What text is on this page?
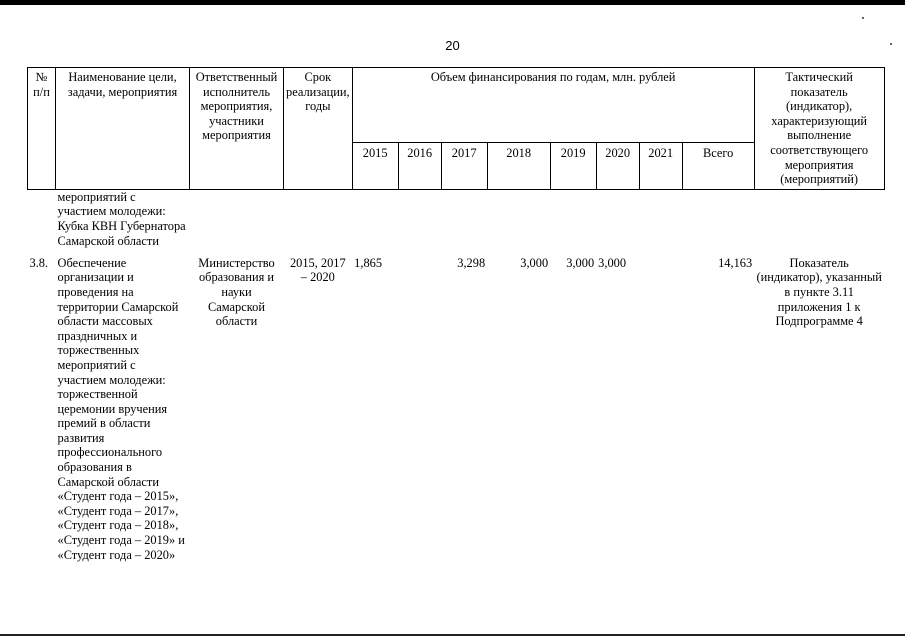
20
№ п/п	Наименование цели, задачи, мероприятия	Ответственный исполнитель мероприятия, участники мероприятия	Срок реализации, годы	Объем финансирования по годам, млн. рублей								Тактический показатель (индикатор), характеризующий выполнение соответствующего мероприятия (мероприятий)
				2015	2016	2017	2018	2019	2020	2021	Всего	
	мероприятий с участием молодежи: Кубка КВН Губернатора Самарской области											
3.8.	Обеспечение организации и проведения на территории Самарской области массовых праздничных и торжественных мероприятий с участием молодежи: торжественной церемонии вручения премий в области развития профессионального образования в Самарской области «Студент года – 2015», «Студент года – 2017», «Студент года – 2018», «Студент года – 2019» и «Студент года – 2020»	Министерство образования и науки Самарской области	2015, 2017 – 2020	1,865		3,298	3,000	3,000	3,000		14,163	Показатель (индикатор), указанный в пункте 3.11 приложения 1 к Подпрограмме 4
